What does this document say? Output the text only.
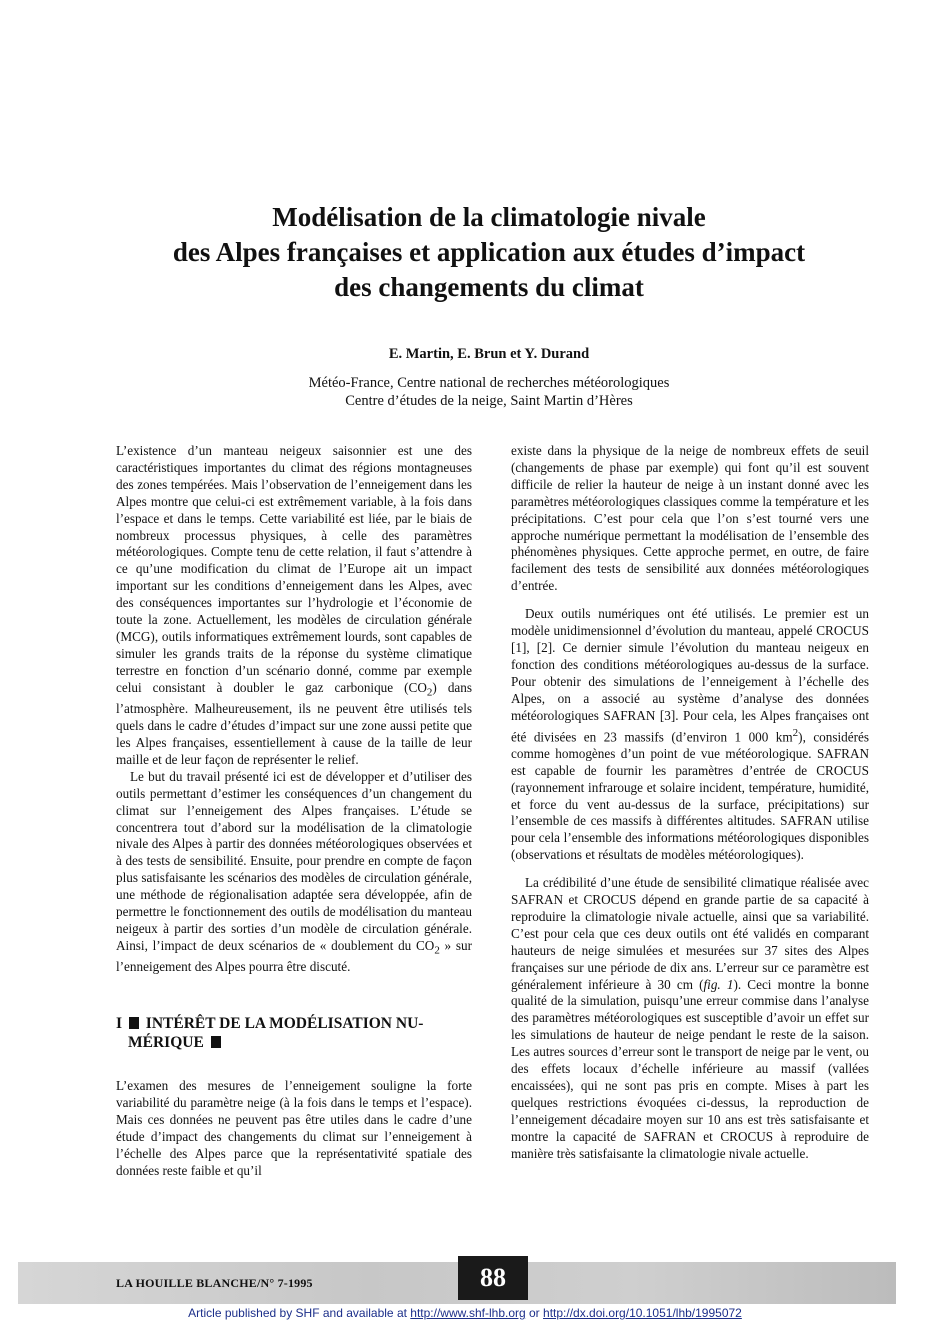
Modélisation de la climatologie nivale
des Alpes françaises et application aux études d’impact
des changements du climat
E. Martin, E. Brun et Y. Durand
Météo-France, Centre national de recherches météorologiques
Centre d’études de la neige, Saint Martin d’Hères

L’existence d’un manteau neigeux saisonnier est une des caractéristiques importantes du climat des régions montagneuses des zones tempérées. Mais l’observation de l’enneigement dans les Alpes montre que celui-ci est extrêmement variable, à la fois dans l’espace et dans le temps. Cette variabilité est liée, par le biais de nombreux processus physiques, à celle des paramètres météorologiques. Compte tenu de cette relation, il faut s’attendre à ce qu’une modification du climat de l’Europe ait un impact important sur les conditions d’enneigement dans les Alpes, avec des conséquences importantes sur l’hydrologie et l’économie de toute la zone. Actuellement, les modèles de circulation générale (MCG), outils informatiques extrêmement lourds, sont capables de simuler les grands traits de la réponse du système climatique terrestre en fonction d’un scénario donné, comme par exemple celui consistant à doubler le gaz carbonique $(CO_2)$ dans l’atmosphère. Malheureusement, ils ne peuvent être utilisés tels quels dans le cadre d’études d’impact sur une zone aussi petite que les Alpes françaises, essentiellement à cause de la taille de leur maille et de leur façon de représenter le relief.

Le but du travail présenté ici est de développer et d’utiliser des outils permettant d’estimer les conséquences d’un changement du climat sur l’enneigement des Alpes françaises. L’étude se concentrera tout d’abord sur la modélisation de la climatologie nivale des Alpes à partir des données météorologiques observées et à des tests de sensibilité. Ensuite, pour prendre en compte de façon plus satisfaisante les scénarios des modèles de circulation générale, une méthode de régionalisation adaptée sera développée, afin de permettre le fonctionnement des outils de modélisation du manteau neigeux à partir des sorties d’un modèle de circulation générale. Ainsi, l’impact de deux scénarios de « doublement du $CO_2$ » sur l’enneigement des Alpes pourra être discuté.

I INTÉRÊT DE LA MODÉLISATION NU-
MÉRIQUE

L’examen des mesures de l’enneigement souligne la forte variabilité du paramètre neige (à la fois dans le temps et l’espace). Mais ces données ne peuvent pas être utiles dans le cadre d’une étude d’impact des changements du climat sur l’enneigement à l’échelle des Alpes parce que la représentativité spatiale des données reste faible et qu’il

existe dans la physique de la neige de nombreux effets de seuil (changements de phase par exemple) qui font qu’il est souvent difficile de relier la hauteur de neige à un instant donné avec les paramètres météorologiques classiques comme la température et les précipitations. C’est pour cela que l’on s’est tourné vers une approche numérique permettant la modélisation de l’ensemble des phénomènes physiques. Cette approche permet, en outre, de faire facilement des tests de sensibilité aux données météorologiques d’entrée.

Deux outils numériques ont été utilisés. Le premier est un modèle unidimensionnel d’évolution du manteau, appelé CROCUS [1], [2]. Ce dernier simule l’évolution du manteau neigeux en fonction des conditions météorologiques au-dessus de la surface. Pour obtenir des simulations de l’enneigement à l’échelle des Alpes, on a associé au système d’analyse des données météorologiques SAFRAN [3]. Pour cela, les Alpes françaises ont été divisées en 23 massifs (d’environ 1 000 $km^2$), considérés comme homogènes d’un point de vue météorologique. SAFRAN est capable de fournir les paramètres d’entrée de CROCUS (rayonnement infrarouge et solaire incident, température, humidité, et force du vent au-dessus de la surface, précipitations) sur l’ensemble de ces massifs à différentes altitudes. SAFRAN utilise pour cela l’ensemble des informations météorologiques disponibles (observations et résultats de modèles météorologiques).

La crédibilité d’une étude de sensibilité climatique réalisée avec SAFRAN et CROCUS dépend en grande partie de sa capacité à reproduire la climatologie nivale actuelle, ainsi que sa variabilité. C’est pour cela que ces deux outils ont été validés en comparant hauteurs de neige simulées et mesurées sur 37 sites des Alpes françaises sur une période de dix ans. L’erreur sur ce paramètre est généralement inférieure à 30 cm (fig. 1). Ceci montre la bonne qualité de la simulation, puisqu’une erreur commise dans l’analyse des paramètres météorologiques est susceptible d’avoir un effet sur les simulations de hauteur de neige pendant le reste de la saison. Les autres sources d’erreur sont le transport de neige par le vent, ou des effets locaux d’échelle inférieure au massif (vallées encaissées), qui ne sont pas pris en compte. Mises à part les quelques restrictions évoquées ci-dessus, la reproduction de l’enneigement décadaire moyen sur 10 ans est très satisfaisante et montre la capacité de SAFRAN et CROCUS à reproduire de manière très satisfaisante la climatologie nivale actuelle.

LA HOUILLE BLANCHE/N° 7-1995	88
Article published by SHF and available at http://www.shf-lhb.org or http://dx.doi.org/10.1051/lhb/1995072
